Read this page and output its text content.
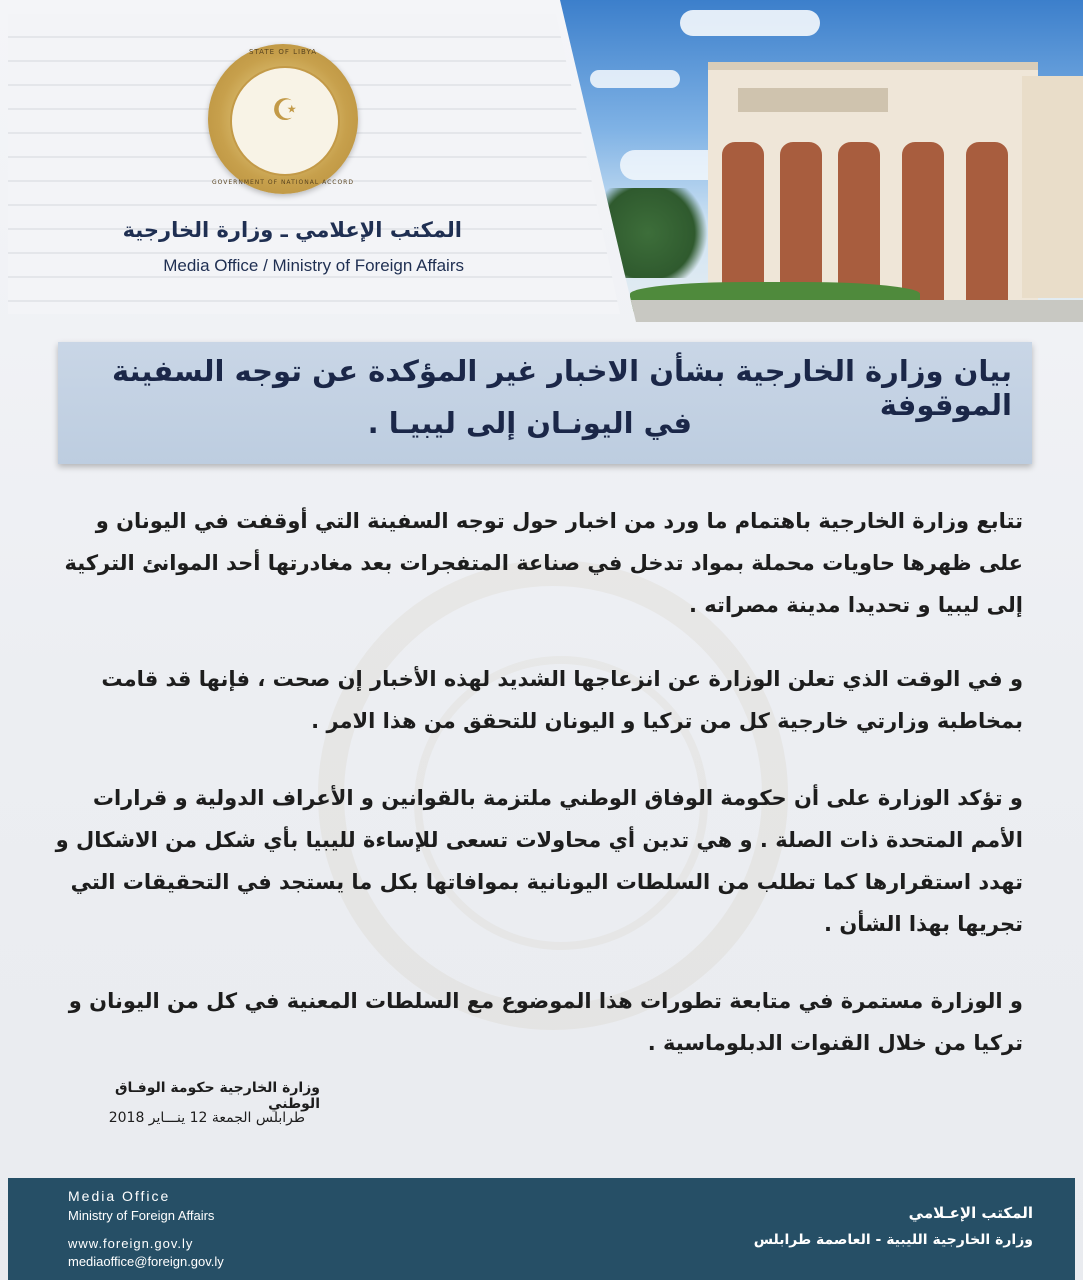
STATE OF LIBYA
☪
GOVERNMENT OF NATIONAL ACCORD
المكتب الإعلامي ـ وزارة الخارجية
Media Office / Ministry of Foreign Affairs
بيان وزارة الخارجية بشأن الاخبار غير المؤكدة عن توجه السفينة الموقوفة
في اليونـان إلى ليبيـا .
تتابع وزارة الخارجية باهتمام ما ورد من اخبار حول توجه السفينة التي أوقفت في اليونان و على ظهرها حاويات محملة بمواد تدخل في صناعة المتفجرات بعد مغادرتها أحد الموانئ التركية إلى ليبيا و تحديدا مدينة مصراته .
و في الوقت الذي تعلن الوزارة عن انزعاجها الشديد لهذه الأخبار إن صحت ، فإنها قد قامت بمخاطبة وزارتي خارجية كل من تركيا و اليونان للتحقق من هذا الامر .
و تؤكد الوزارة على أن حكومة الوفاق الوطني ملتزمة بالقوانين و الأعراف الدولية و قرارات الأمم المتحدة ذات الصلة . و هي تدين أي محاولات تسعى للإساءة لليبيا بأي شكل من الاشكال و تهدد استقرارها كما تطلب من السلطات اليونانية بموافاتها بكل ما يستجد في التحقيقات التي تجريها بهذا الشأن .
و الوزارة مستمرة في متابعة تطورات هذا الموضوع مع السلطات المعنية في كل من اليونان و تركيا من خلال القنوات الدبلوماسية .
وزارة الخارجية حكومة الوفـاق الوطني
طرابلس الجمعة 12 ينـــاير 2018
Media Office
Ministry of Foreign Affairs
www.foreign.gov.ly
mediaoffice@foreign.gov.ly
المكتب الإعـلامي
وزارة الخارجية الليبية - العاصمة طرابلس
